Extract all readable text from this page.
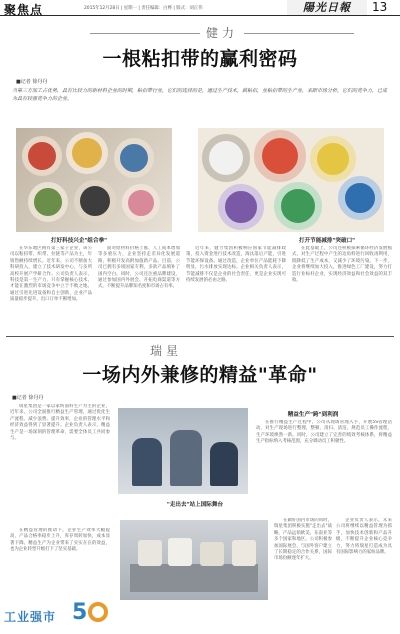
聚焦点	2015年12月28日 | 星期一 | 责任编辑：白桦 | 版式：刘正伟	陽光日報	13
健力
一根粘扣带的赢利密码
■记者 徐丹丹
当第三方加工占优势，具有比较力的新材料企业的时期，粘扣带行业，它们的选择的是，通过生产技术，做粘扣，业粘扣带的生产业，来跟市场分析，它们的竞争力，已成为具有较强竞争力的企业。
打好科技兴企"组合拳"	打开节能减排"突破口"

在华东地区拥有第三家子企业，该公司以粘扣带、织带、拉链等产品为主，年销售额持续增长。近年来，公司不断加大科研投入，建立了技术研发中心，与多所高校开展产学研合作。公司负责人表示，科技是第一生产力，只有掌握核心技术，才能在激烈的市场竞争中立于不败之地。通过引进先进设备和自主创新，企业产品质量稳步提升，出口订单不断增加。

面对原材料价格上涨、人工成本增加等多重压力，企业坚持走差异化发展道路，积极开发高附加值新产品。目前，公司已拥有多项国家专利，多款产品填补了国内空白。同时，公司还注重品牌建设，通过参加国内外展会、开拓电商渠道等方式，不断提升品牌知名度和市场占有率。

近年来，健力集团积极响应国家节能减排政策，投入资金进行技术改造，淘汰落后产能，引进节能环保设备。通过改造，企业单位产品能耗下降明显，污水排放实现达标。企业相关负责人表示，节能减排不仅是企业的社会责任，更是企业实现可持续发展的必由之路。

在此基础上，公司还积极探索循环经济发展模式，对生产过程中产生的边角料进行回收再利用，既降低了生产成本，又减少了环境污染。下一步，企业将继续加大投入，推进绿色工厂建设，努力打造行业标杆企业，实现经济效益和社会效益的双丰收。

瑞星
一场内外兼修的精益"革命"
■记者 徐丹丹

瑞星集团是一家以家纺面料生产为主的企业，近年来，公司全面推行精益生产管理，通过优化生产流程、减少浪费、提升效率，企业的管理水平和经济效益得到了显著提升。企业负责人表示，精益生产是一场深刻的管理革命，需要全体员工共同参与。

精益生产"跨"到利润

在推行精益生产过程中，公司从现场管理入手，开展5S管理活动，对生产现场进行整理、整顿、清扫、清洁，规范员工操作流程，生产环境焕然一新。同时，公司建立了完善的绩效考核体系，将精益生产指标纳入考核范围，充分调动员工积极性。

"走出去"站上国际舞台

在精益管理的推动下，企业生产效率大幅提高，产品合格率稳步上升，库存周转加快，成本显著下降。精益生产为企业带来了实实在在的效益，也为企业转型升级打下了坚实基础。

在做好国内市场的同时，瑞星集团积极实施"走出去"战略，产品远销欧美、东南亚等多个国家和地区。公司积极参加国际展会，与国外客户建立了长期稳定的合作关系，国际市场份额逐年扩大。

企业负责人表示，未来公司将继续以精益管理为抓手，加快技术创新和产品升级，不断提升企业核心竞争力，努力将瑞星打造成为具有国际影响力的家纺品牌。

工业强市 5
